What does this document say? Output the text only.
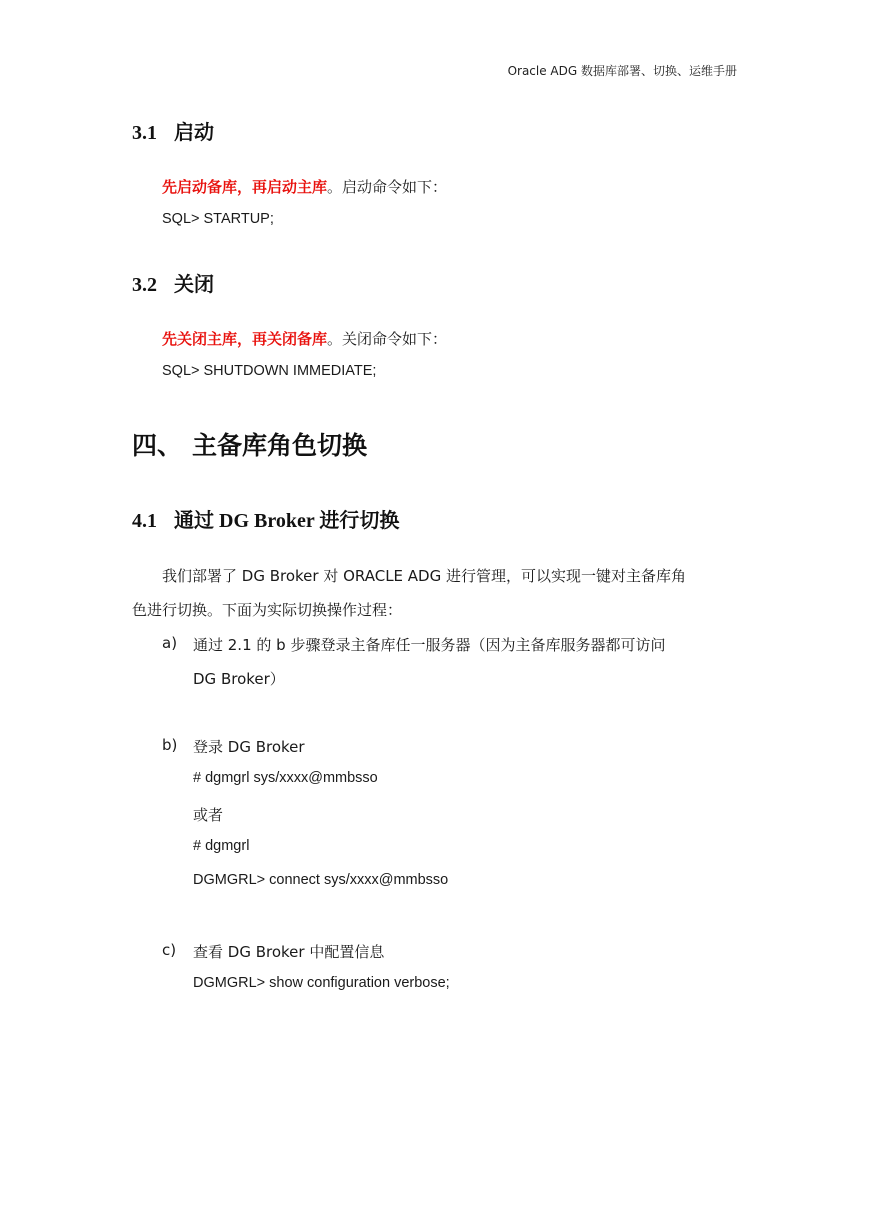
Oracle ADG 数据库部署、切换、运维手册
3.1 启动
先启动备库，再启动主库。启动命令如下：
SQL> STARTUP;
3.2 关闭
先关闭主库，再关闭备库。关闭命令如下：
SQL> SHUTDOWN IMMEDIATE;
四、 主备库角色切换
4.1 通过 DG Broker 进行切换
我们部署了 DG Broker 对 ORACLE ADG 进行管理，可以实现一键对主备库角
色进行切换。下面为实际切换操作过程：
a) 通过 2.1 的 b 步骤登录主备库任一服务器（因为主备库服务器都可访问
DG Broker）
b) 登录 DG Broker
# dgmgrl sys/xxxx@mmbsso
或者
# dgmgrl
DGMGRL> connect sys/xxxx@mmbsso
c) 查看 DG Broker 中配置信息
DGMGRL> show configuration verbose;
